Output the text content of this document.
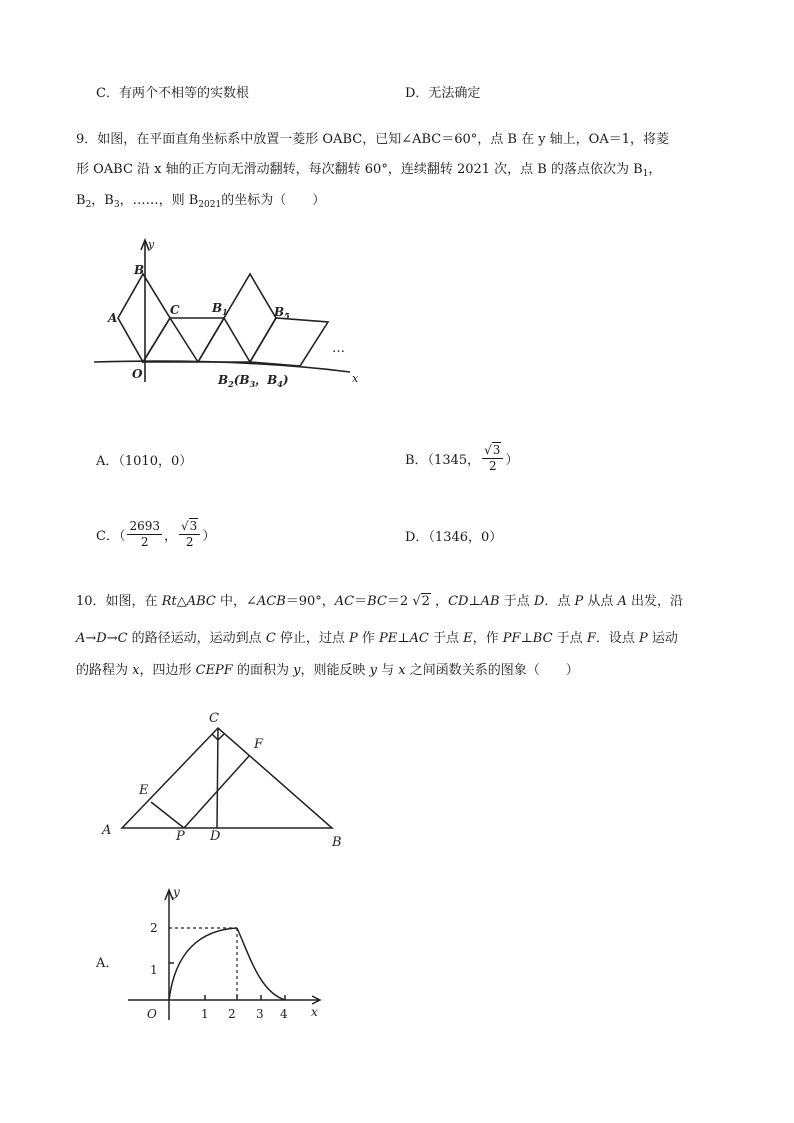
C．有两个不相等的实数根	D．无法确定
9．如图，在平面直角坐标系中放置一菱形 OABC，已知∠ABC＝60°，点 B 在 y 轴上，OA＝1，将菱
形 OABC 沿 x 轴的正方向无滑动翻转，每次翻转 60°，连续翻转 2021 次，点 B 的落点依次为 $B_1$，
$B_2$，$B_3$，……，则 $B_{2021}$的坐标为（　　）
y
x
B
A
C
O
$B_1$	$B_5$
…
$B_2(B_3$，$B_4$)
A．（1010，0）	B．（1345， $\frac{√3}{2}$ ）
C．（ $\frac{2693}{2}$ ， $\frac{√3}{2}$ ）	D．（1346，0）
10．如图，在 Rt△ABC 中，∠ACB＝90°，AC＝BC＝2 √2 ，CD⊥AB 于点 D．点 P 从点 A 出发，沿
A→D→C 的路径运动，运动到点 C 停止，过点 P 作 PE⊥AC 于点 E，作 PF⊥BC 于点 F．设点 P 运动
的路程为 x，四边形 CEPF 的面积为 y，则能反映 y 与 x 之间函数关系的图象（　　）
C
F
E
A	P D	B
A．
y
x
O	1 2 3 4
1
2
